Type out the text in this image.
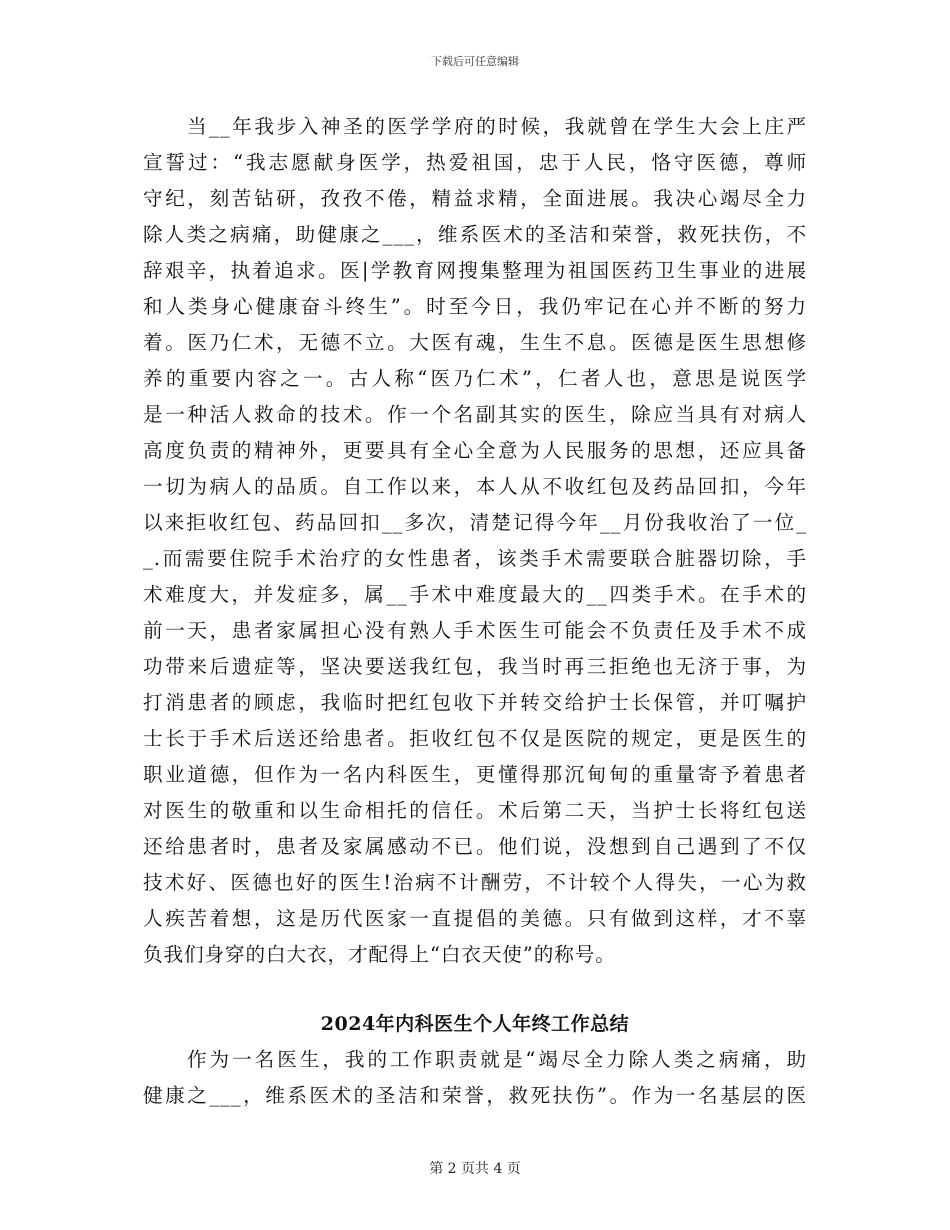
下载后可任意编辑
当__年我步入神圣的医学学府的时候，我就曾在学生大会上庄严
宣誓过：“我志愿献身医学，热爱祖国，忠于人民，恪守医德，尊师
守纪，刻苦钻研，孜孜不倦，精益求精，全面进展。我决心竭尽全力
除人类之病痛，助健康之___，维系医术的圣洁和荣誉，救死扶伤，不
辞艰辛，执着追求。医|学教育网搜集整理为祖国医药卫生事业的进展
和人类身心健康奋斗终生”。时至今日，我仍牢记在心并不断的努力
着。医乃仁术，无德不立。大医有魂，生生不息。医德是医生思想修
养的重要内容之一。古人称“医乃仁术”，仁者人也，意思是说医学
是一种活人救命的技术。作一个名副其实的医生，除应当具有对病人
高度负责的精神外，更要具有全心全意为人民服务的思想，还应具备
一切为病人的品质。自工作以来，本人从不收红包及药品回扣，今年
以来拒收红包、药品回扣__多次，清楚记得今年__月份我收治了一位_
_.而需要住院手术治疗的女性患者，该类手术需要联合脏器切除，手
术难度大，并发症多，属__手术中难度最大的__四类手术。在手术的
前一天，患者家属担心没有熟人手术医生可能会不负责任及手术不成
功带来后遗症等，坚决要送我红包，我当时再三拒绝也无济于事，为
打消患者的顾虑，我临时把红包收下并转交给护士长保管，并叮嘱护
士长于手术后送还给患者。拒收红包不仅是医院的规定，更是医生的
职业道德，但作为一名内科医生，更懂得那沉甸甸的重量寄予着患者
对医生的敬重和以生命相托的信任。术后第二天，当护士长将红包送
还给患者时，患者及家属感动不已。他们说，没想到自己遇到了不仅
技术好、医德也好的医生!治病不计酬劳，不计较个人得失，一心为救
人疾苦着想，这是历代医家一直提倡的美德。只有做到这样，才不辜
负我们身穿的白大衣，才配得上“白衣天使”的称号。
2024年内科医生个人年终工作总结
作为一名医生，我的工作职责就是“竭尽全力除人类之病痛，助
健康之___，维系医术的圣洁和荣誉，救死扶伤”。作为一名基层的医
第 2 页共 4 页
